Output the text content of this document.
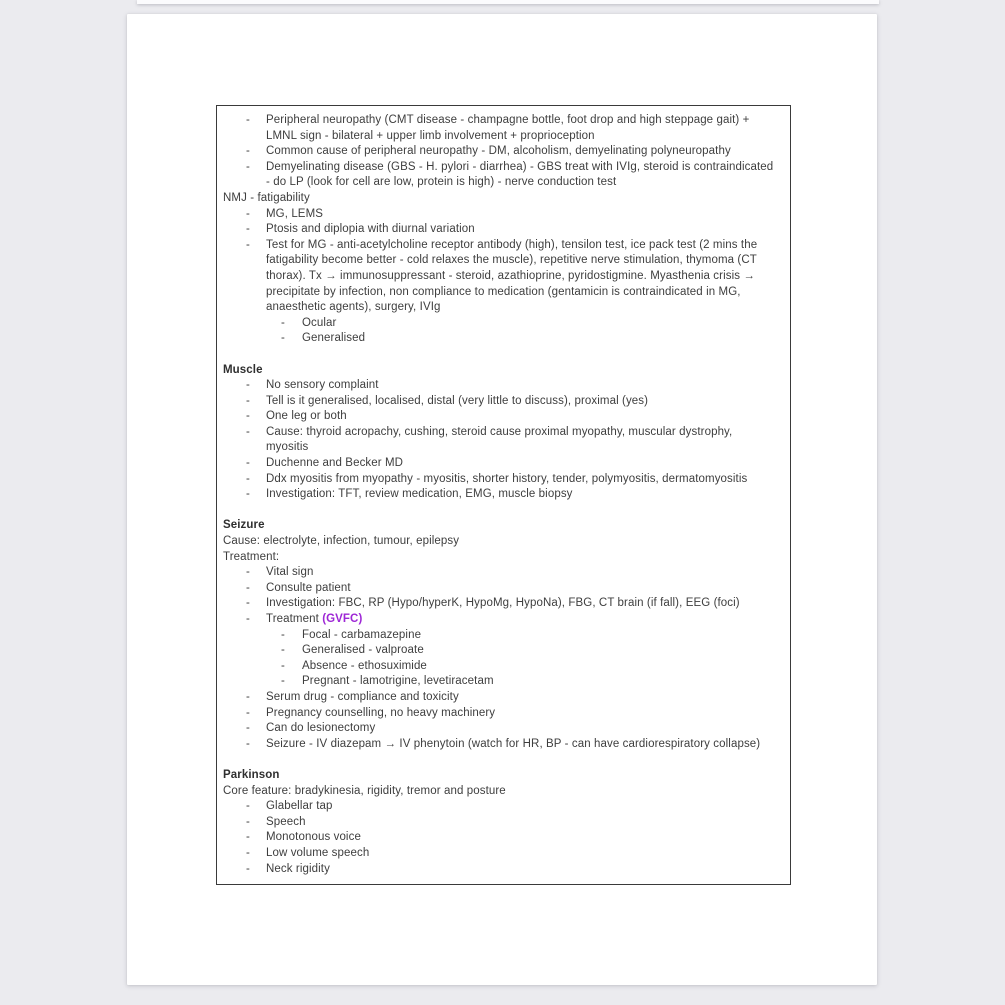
-	Peripheral neuropathy (CMT disease - champagne bottle, foot drop and high steppage gait) + LMNL sign - bilateral + upper limb involvement + proprioception
-	Common cause of peripheral neuropathy - DM, alcoholism, demyelinating polyneuropathy
-	Demyelinating disease (GBS - H. pylori - diarrhea) - GBS treat with IVIg, steroid is contraindicated - do LP (look for cell are low, protein is high) - nerve conduction test
NMJ - fatigability
-	MG, LEMS
-	Ptosis and diplopia with diurnal variation
-	Test for MG - anti-acetylcholine receptor antibody (high), tensilon test, ice pack test (2 mins the fatigability become better - cold relaxes the muscle), repetitive nerve stimulation, thymoma (CT thorax). Tx → immunosuppressant - steroid, azathioprine, pyridostigmine. Myasthenia crisis → precipitate by infection, non compliance to medication (gentamicin is contraindicated in MG, anaesthetic agents), surgery, IVIg
-	Ocular
-	Generalised
Muscle
-	No sensory complaint
-	Tell is it generalised, localised, distal (very little to discuss), proximal (yes)
-	One leg or both
-	Cause: thyroid acropachy, cushing, steroid cause proximal myopathy, muscular dystrophy, myositis
-	Duchenne and Becker MD
-	Ddx myositis from myopathy - myositis, shorter history, tender, polymyositis, dermatomyositis
-	Investigation: TFT, review medication, EMG, muscle biopsy
Seizure
Cause: electrolyte, infection, tumour, epilepsy
Treatment:
-	Vital sign
-	Consulte patient
-	Investigation: FBC, RP (Hypo/hyperK, HypoMg, HypoNa), FBG, CT brain (if fall), EEG (foci)
-	Treatment (GVFC)
-	Focal - carbamazepine
-	Generalised - valproate
-	Absence - ethosuximide
-	Pregnant - lamotrigine, levetiracetam
-	Serum drug - compliance and toxicity
-	Pregnancy counselling, no heavy machinery
-	Can do lesionectomy
-	Seizure - IV diazepam → IV phenytoin (watch for HR, BP - can have cardiorespiratory collapse)
Parkinson
Core feature: bradykinesia, rigidity, tremor and posture
-	Glabellar tap
-	Speech
-	Monotonous voice
-	Low volume speech
-	Neck rigidity
